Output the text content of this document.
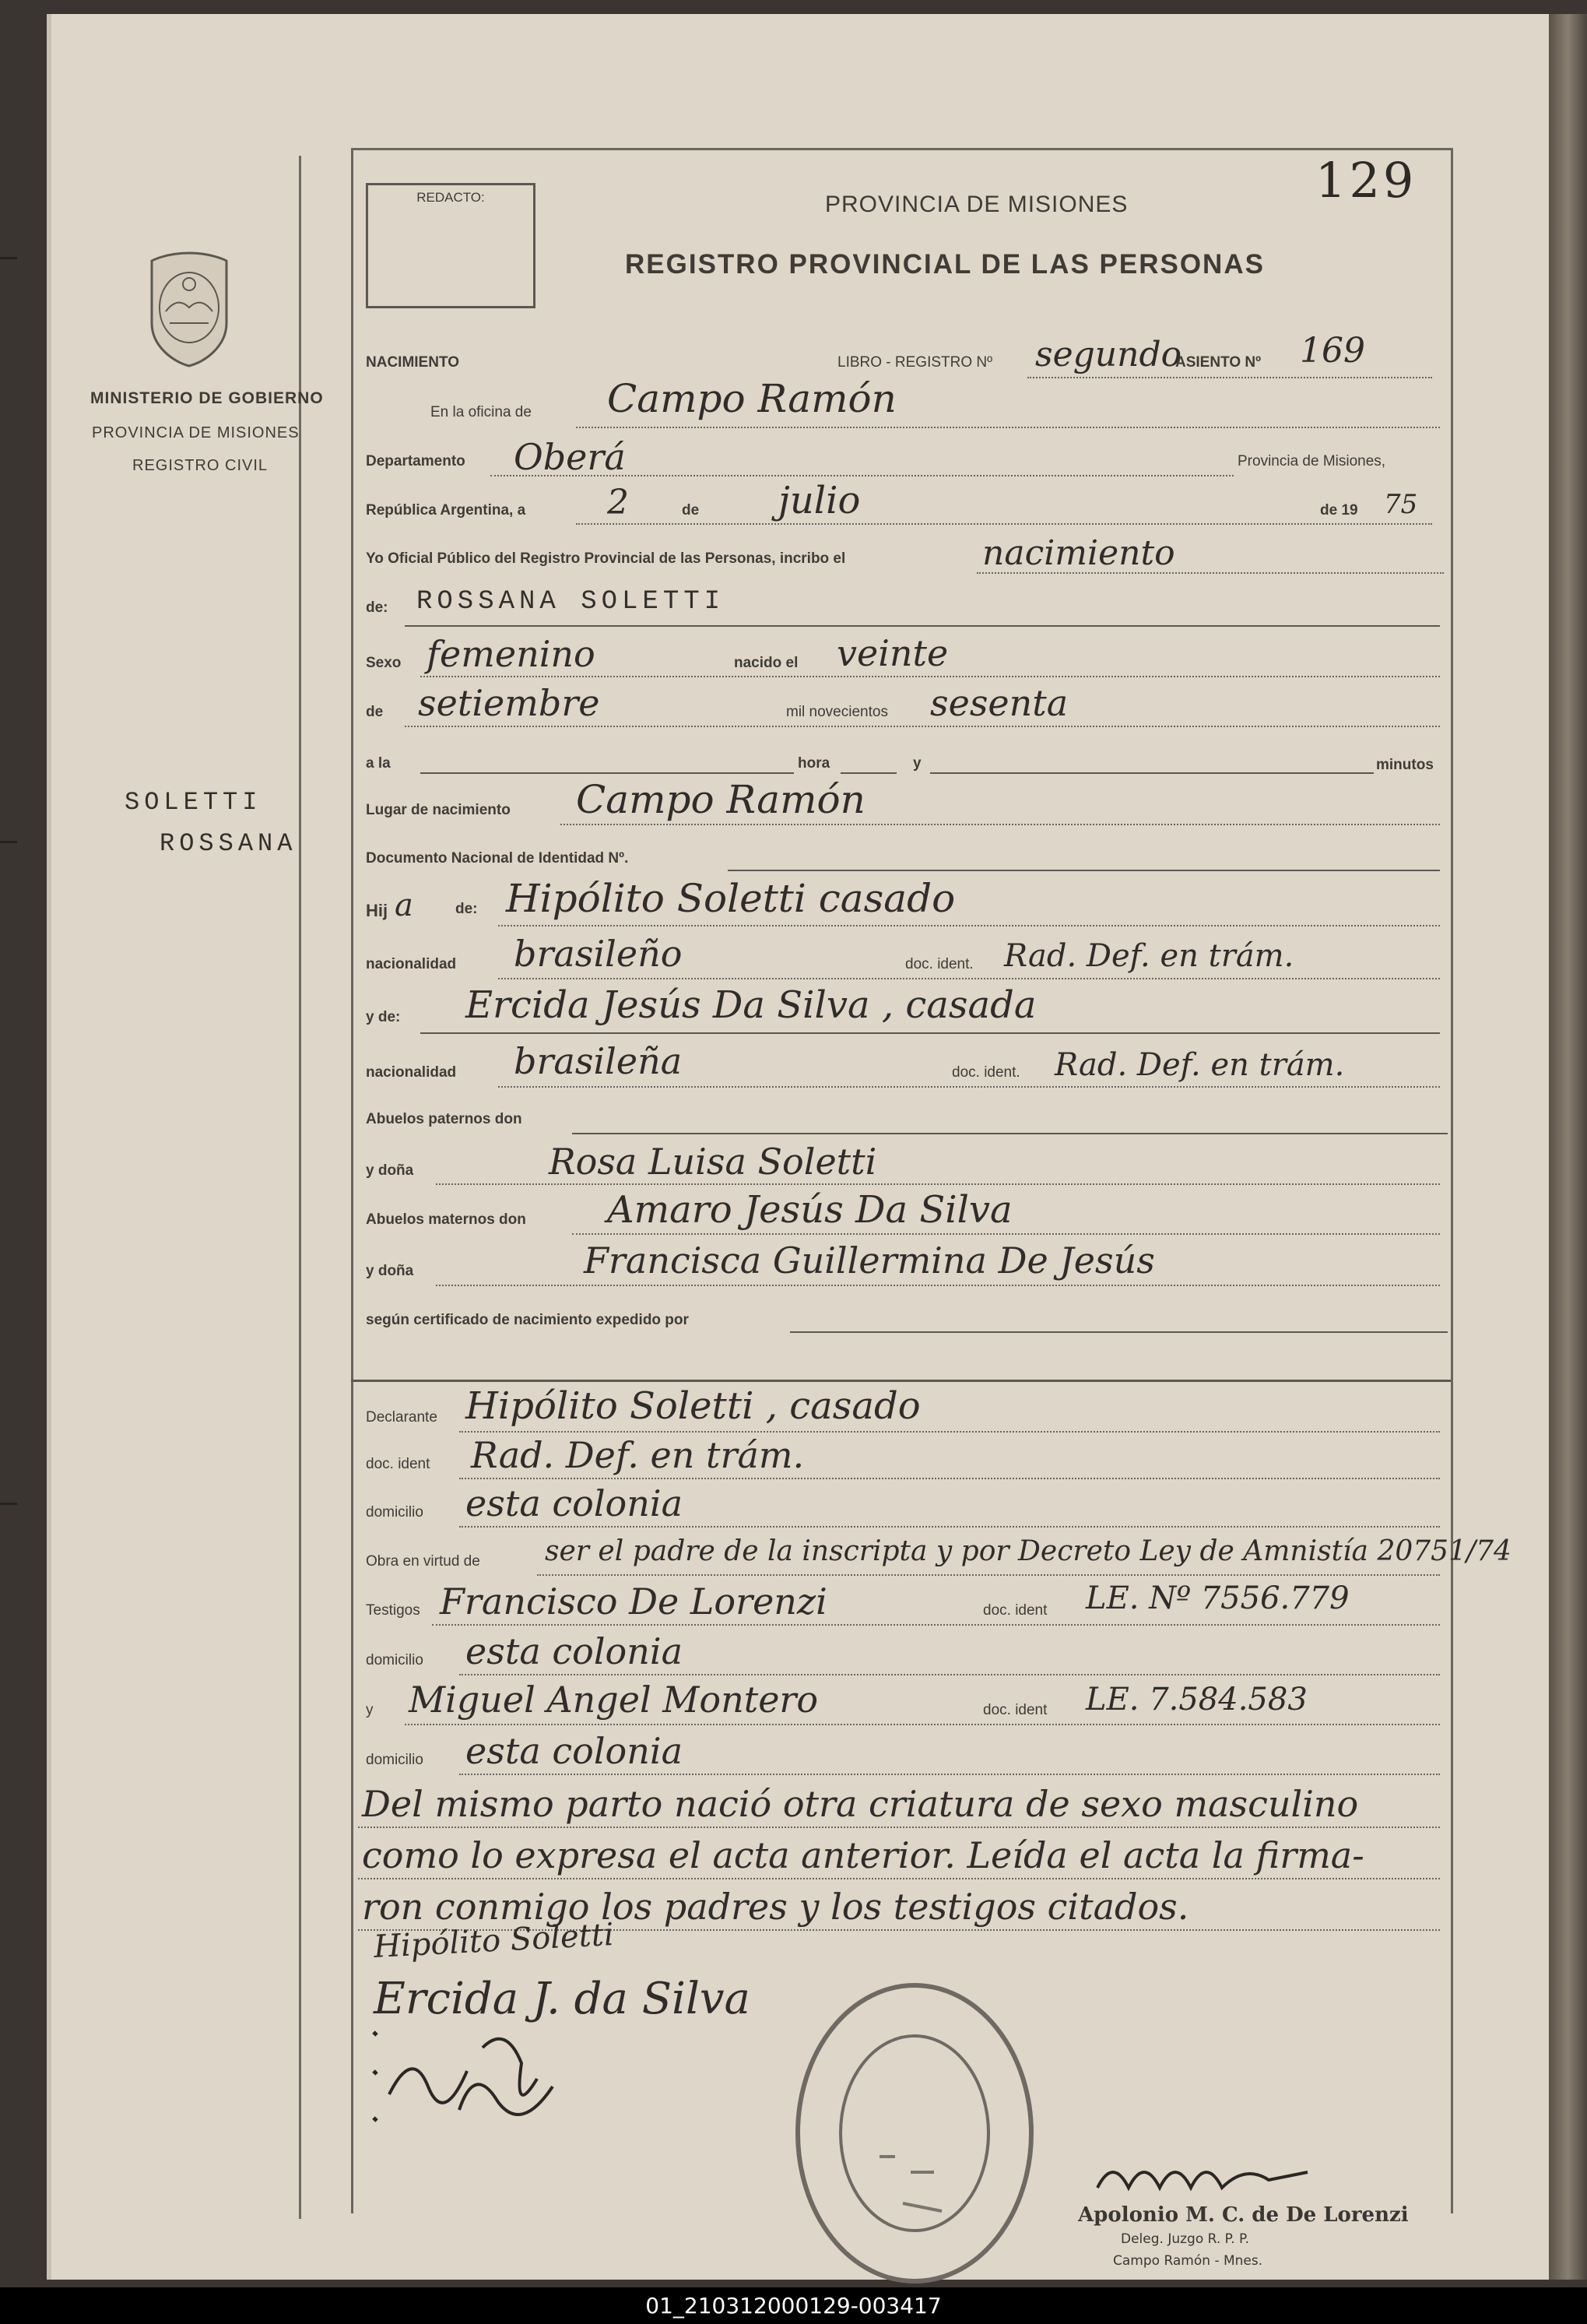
REDACTO:	129
PROVINCIA DE MISIONES
REGISTRO PROVINCIAL DE LAS PERSONAS
MINISTERIO DE GOBIERNO
PROVINCIA DE MISIONES
REGISTRO CIVIL
SOLETTI
ROSSANA
NACIMIENTO	LIBRO - REGISTRO Nº segundo
ASIENTO Nº 169
En la oficina de Campo Ramón
Departamento Oberá	Provincia de Misiones,
República Argentina, a 2	de julio	de 19 75
Yo Oficial Público del Registro Provincial de las Personas, incribo el	nacimiento
de: ROSSANA SOLETTI
Sexo femenino	nacido el veinte
de setiembre	mil novecientos sesenta
a la	hora	y	minutos
Lugar de nacimiento Campo Ramón
Documento Nacional de Identidad Nº.
Hij a	de: Hipólito Soletti casado
nacionalidad brasileño	doc. ident. Rad. Def. en trám.
y de: Ercida Jesús Da Silva , casada
nacionalidad brasileña	doc. ident. Rad. Def. en trám.
Abuelos paternos don
y doña	Rosa Luisa Soletti
Abuelos maternos don Amaro Jesús Da Silva
y doña	Francisca Guillermina De Jesús
según certificado de nacimiento expedido por
Declarante Hipólito Soletti , casado
doc. ident Rad. Def. en trám.
domicilio esta colonia
Obra en virtud de ser el padre de la inscripta y por Decreto Ley de Amnistía 20751/74
Testigos Francisco De Lorenzi	doc. ident LE. Nº 7556.779
domicilio esta colonia
y Miguel Angel Montero	doc. ident LE. 7.584.583
domicilio esta colonia
Del mismo parto nació otra criatura de sexo masculino
como lo expresa el acta anterior. Leída el acta la firma-
ron conmigo los padres y los testigos citados.
Hipólito Soletti
Ercida J. da Silva
Apolonio M. C. de De Lorenzi
Deleg. Juzgo R. P. P.
Campo Ramón - Mnes.
01_210312000129-003417
